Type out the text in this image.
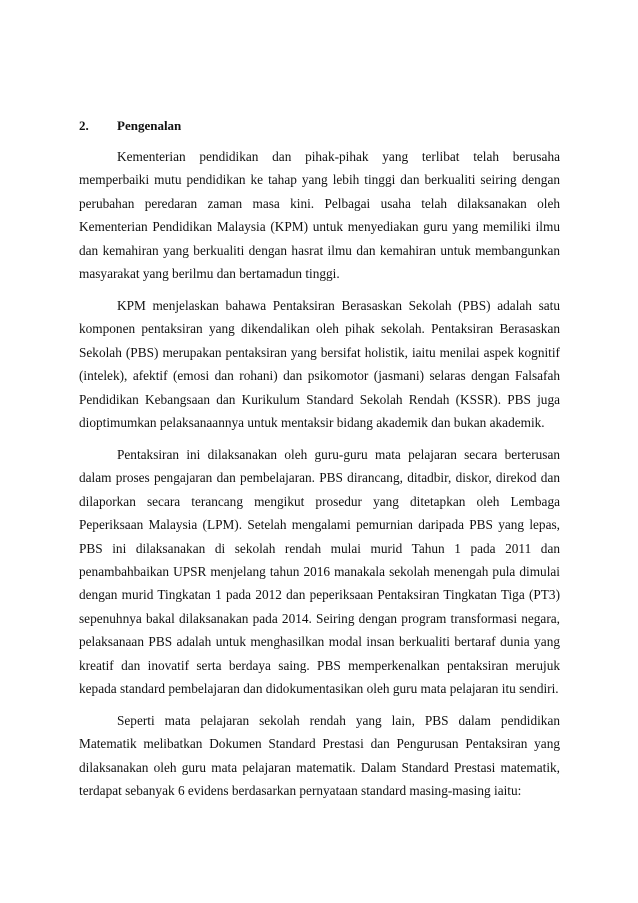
2.	Pengenalan

Kementerian pendidikan dan pihak-pihak yang terlibat telah berusaha memperbaiki mutu pendidikan ke tahap yang lebih tinggi dan berkualiti seiring dengan perubahan peredaran zaman masa kini. Pelbagai usaha telah dilaksanakan oleh Kementerian Pendidikan Malaysia (KPM) untuk menyediakan guru yang memiliki ilmu dan kemahiran yang berkualiti dengan hasrat ilmu dan kemahiran untuk membangunkan masyarakat yang berilmu dan bertamadun tinggi.

KPM menjelaskan bahawa Pentaksiran Berasaskan Sekolah (PBS) adalah satu komponen pentaksiran yang dikendalikan oleh pihak sekolah. Pentaksiran Berasaskan Sekolah (PBS) merupakan pentaksiran yang bersifat holistik, iaitu menilai aspek kognitif (intelek), afektif (emosi dan rohani) dan psikomotor (jasmani) selaras dengan Falsafah Pendidikan Kebangsaan dan Kurikulum Standard Sekolah Rendah (KSSR). PBS juga dioptimumkan pelaksanaannya untuk mentaksir bidang akademik dan bukan akademik.

Pentaksiran ini dilaksanakan oleh guru-guru mata pelajaran secara berterusan dalam proses pengajaran dan pembelajaran. PBS dirancang, ditadbir, diskor, direkod dan dilaporkan secara terancang mengikut prosedur yang ditetapkan oleh Lembaga Peperiksaan Malaysia (LPM). Setelah mengalami pemurnian daripada PBS yang lepas, PBS ini dilaksanakan di sekolah rendah mulai murid Tahun 1 pada 2011 dan penambahbaikan UPSR menjelang tahun 2016 manakala sekolah menengah pula dimulai dengan murid Tingkatan 1 pada 2012 dan peperiksaan Pentaksiran Tingkatan Tiga (PT3) sepenuhnya bakal dilaksanakan pada 2014. Seiring dengan program transformasi negara, pelaksanaan PBS adalah untuk menghasilkan modal insan berkualiti bertaraf dunia yang kreatif dan inovatif serta berdaya saing. PBS memperkenalkan pentaksiran merujuk kepada standard pembelajaran dan didokumentasikan oleh guru mata pelajaran itu sendiri.

Seperti mata pelajaran sekolah rendah yang lain, PBS dalam pendidikan Matematik melibatkan Dokumen Standard Prestasi dan Pengurusan Pentaksiran yang dilaksanakan oleh guru mata pelajaran matematik. Dalam Standard Prestasi matematik, terdapat sebanyak 6 evidens berdasarkan pernyataan standard masing-masing iaitu:
